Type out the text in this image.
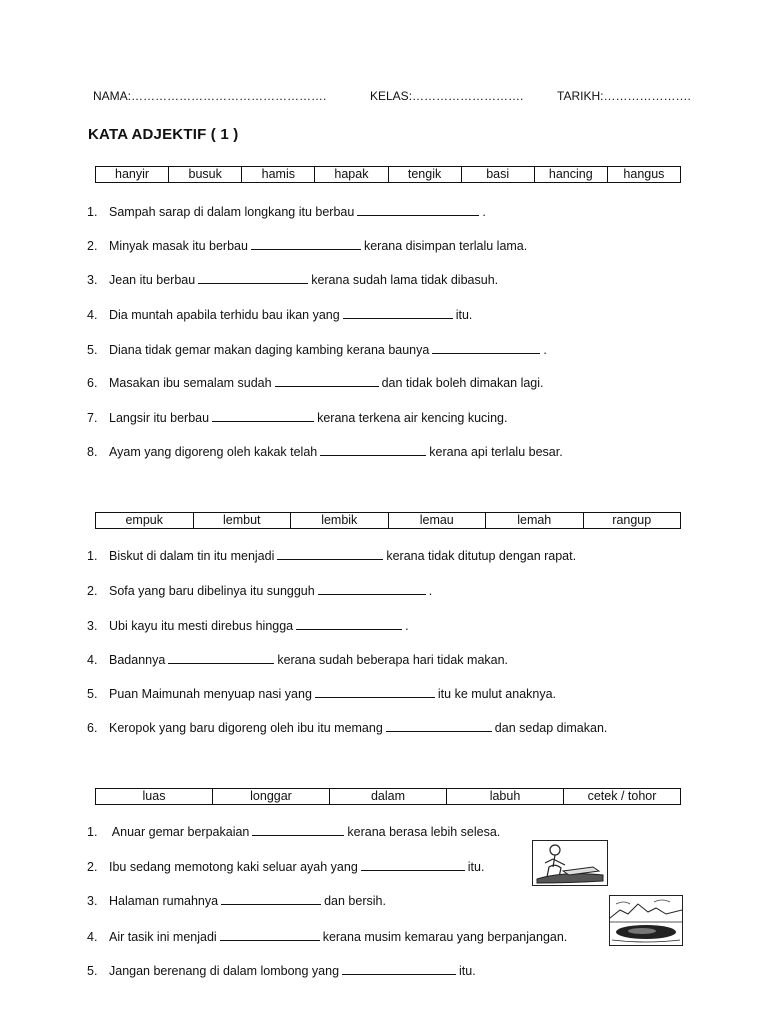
NAMA:………………………………………….	KELAS:……………………….	TARIKH:………………….
KATA ADJEKTIF ( 1 )
hanyir	busuk	hamis	hapak	tengik	basi	hancing	hangus
1. Sampah sarap di dalam longkang itu berbau	.
2. Minyak masak itu berbau	kerana disimpan terlalu lama.
3. Jean itu berbau	kerana sudah lama tidak dibasuh.
4. Dia muntah apabila terhidu bau ikan yang	itu.
5. Diana tidak gemar makan daging kambing kerana baunya	.
6. Masakan ibu semalam sudah	dan tidak boleh dimakan lagi.
7. Langsir itu berbau	kerana terkena air kencing kucing.
8. Ayam yang digoreng oleh kakak telah	kerana api terlalu besar.
empuk	lembut	lembik	lemau	lemah	rangup
1. Biskut di dalam tin itu menjadi	kerana tidak ditutup dengan rapat.
2. Sofa yang baru dibelinya itu sungguh	.
3. Ubi kayu itu mesti direbus hingga	.
4. Badannya	kerana sudah beberapa hari tidak makan.
5. Puan Maimunah menyuap nasi yang	itu ke mulut anaknya.
6. Keropok yang baru digoreng oleh ibu itu memang	dan sedap dimakan.
luas	longgar	dalam	labuh	cetek / tohor
1. Anuar gemar berpakaian	kerana berasa lebih selesa.
2. Ibu sedang memotong kaki seluar ayah yang	itu.
3. Halaman rumahnya	dan bersih.
4. Air tasik ini menjadi	kerana musim kemarau yang berpanjangan.
5. Jangan berenang di dalam lombong yang	itu.
